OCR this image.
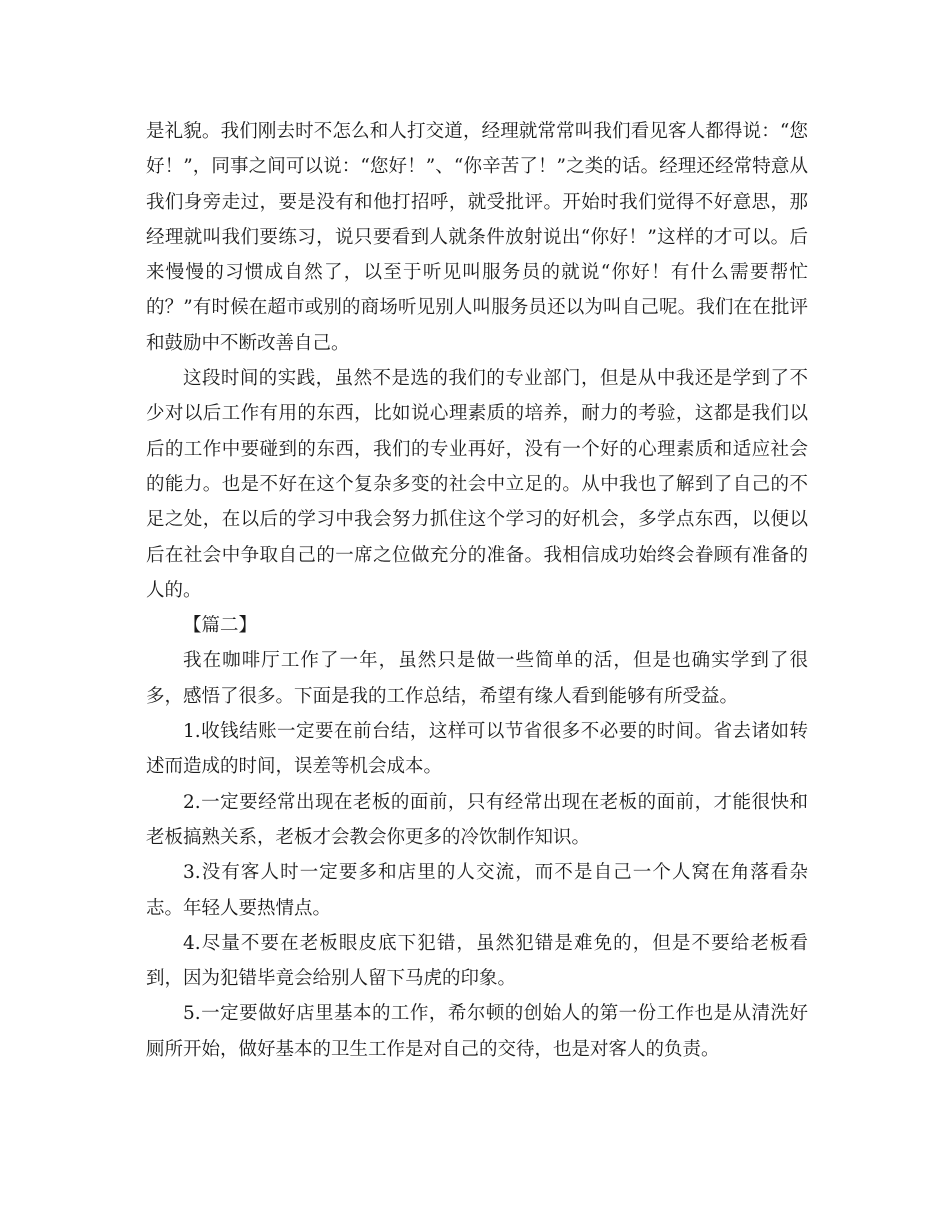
是礼貌。我们刚去时不怎么和人打交道，经理就常常叫我们看见客人都得说：“您好！”，同事之间可以说：“您好！”、“你辛苦了！”之类的话。经理还经常特意从我们身旁走过，要是没有和他打招呼，就受批评。开始时我们觉得不好意思，那经理就叫我们要练习，说只要看到人就条件放射说出“你好！”这样的才可以。后来慢慢的习惯成自然了，以至于听见叫服务员的就说“你好！有什么需要帮忙的？”有时候在超市或别的商场听见别人叫服务员还以为叫自己呢。我们在在批评和鼓励中不断改善自己。

这段时间的实践，虽然不是选的我们的专业部门，但是从中我还是学到了不少对以后工作有用的东西，比如说心理素质的培养，耐力的考验，这都是我们以后的工作中要碰到的东西，我们的专业再好，没有一个好的心理素质和适应社会的能力。也是不好在这个复杂多变的社会中立足的。从中我也了解到了自己的不足之处，在以后的学习中我会努力抓住这个学习的好机会，多学点东西，以便以后在社会中争取自己的一席之位做充分的准备。我相信成功始终会眷顾有准备的人的。

【篇二】

我在咖啡厅工作了一年，虽然只是做一些简单的活，但是也确实学到了很多，感悟了很多。下面是我的工作总结，希望有缘人看到能够有所受益。

1.收钱结账一定要在前台结，这样可以节省很多不必要的时间。省去诸如转述而造成的时间，误差等机会成本。

2.一定要经常出现在老板的面前，只有经常出现在老板的面前，才能很快和老板搞熟关系，老板才会教会你更多的冷饮制作知识。

3.没有客人时一定要多和店里的人交流，而不是自己一个人窝在角落看杂志。年轻人要热情点。

4.尽量不要在老板眼皮底下犯错，虽然犯错是难免的，但是不要给老板看到，因为犯错毕竟会给别人留下马虎的印象。

5.一定要做好店里基本的工作，希尔顿的创始人的第一份工作也是从清洗好厕所开始，做好基本的卫生工作是对自己的交待，也是对客人的负责。
